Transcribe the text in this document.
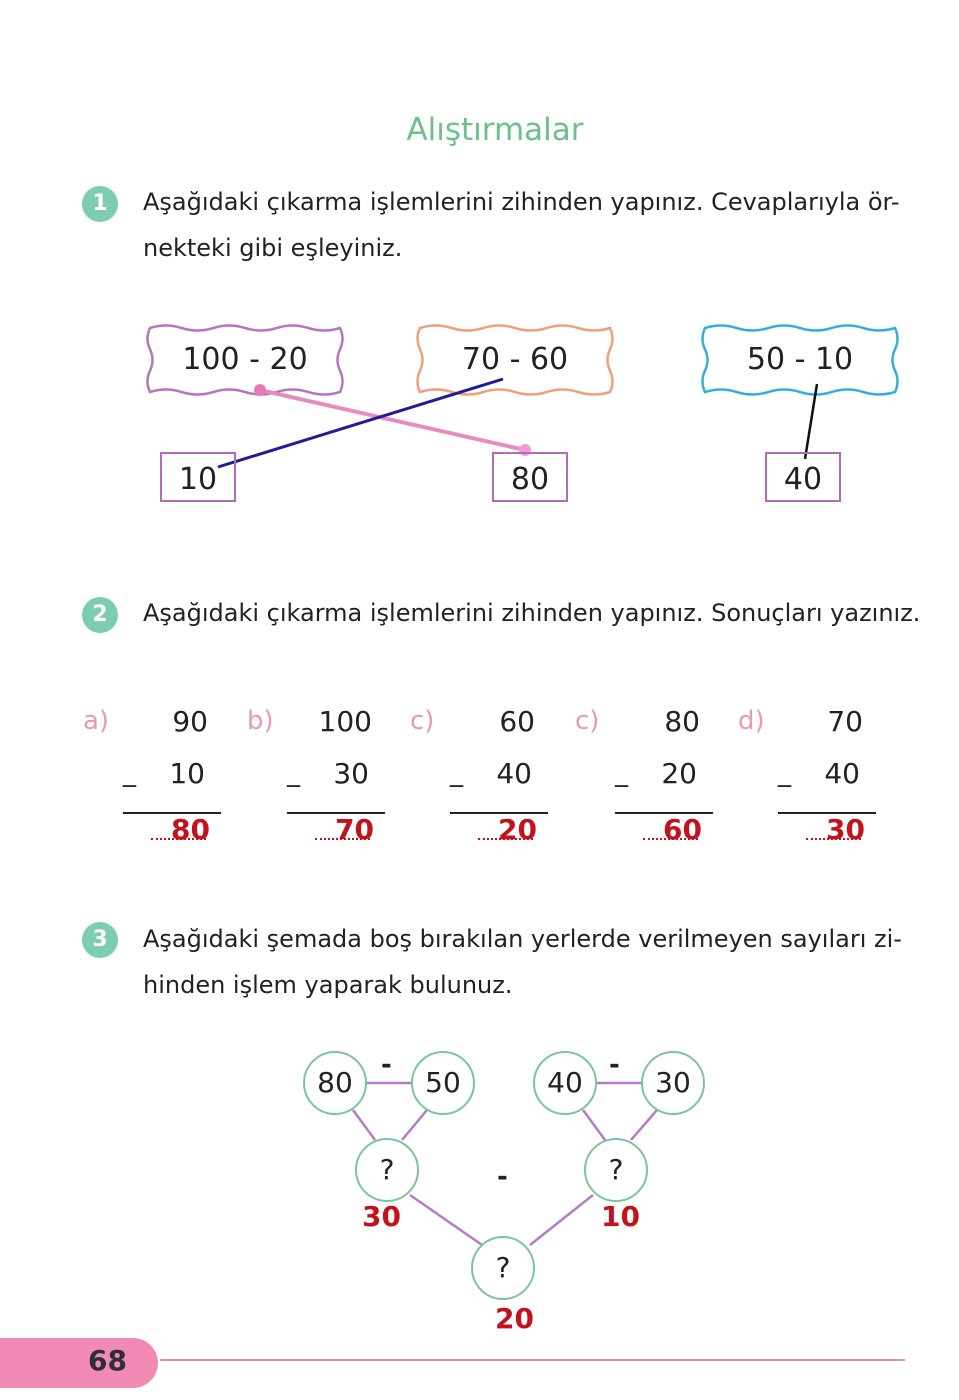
Alıştırmalar
1	Aşağıdaki çıkarma işlemlerini zihinden yapınız. Cevaplarıyla ör-
nekteki gibi eşleyiniz.
100 - 20	70 - 60	50 - 10
10	80	40
2	Aşağıdaki çıkarma işlemlerini zihinden yapınız. Sonuçları yazınız.
a)	90
_	10
80
b) 100
_	30
70
c)	60
_	40
20
c)	80
_	20
60
d)	70
_	40
30
3	Aşağıdaki şemada boş bırakılan yerlerde verilmeyen sayıları zi-
hinden işlem yaparak bulunuz.
80	50	40	30
?	?
?
-	-
-
30	10
20
68
